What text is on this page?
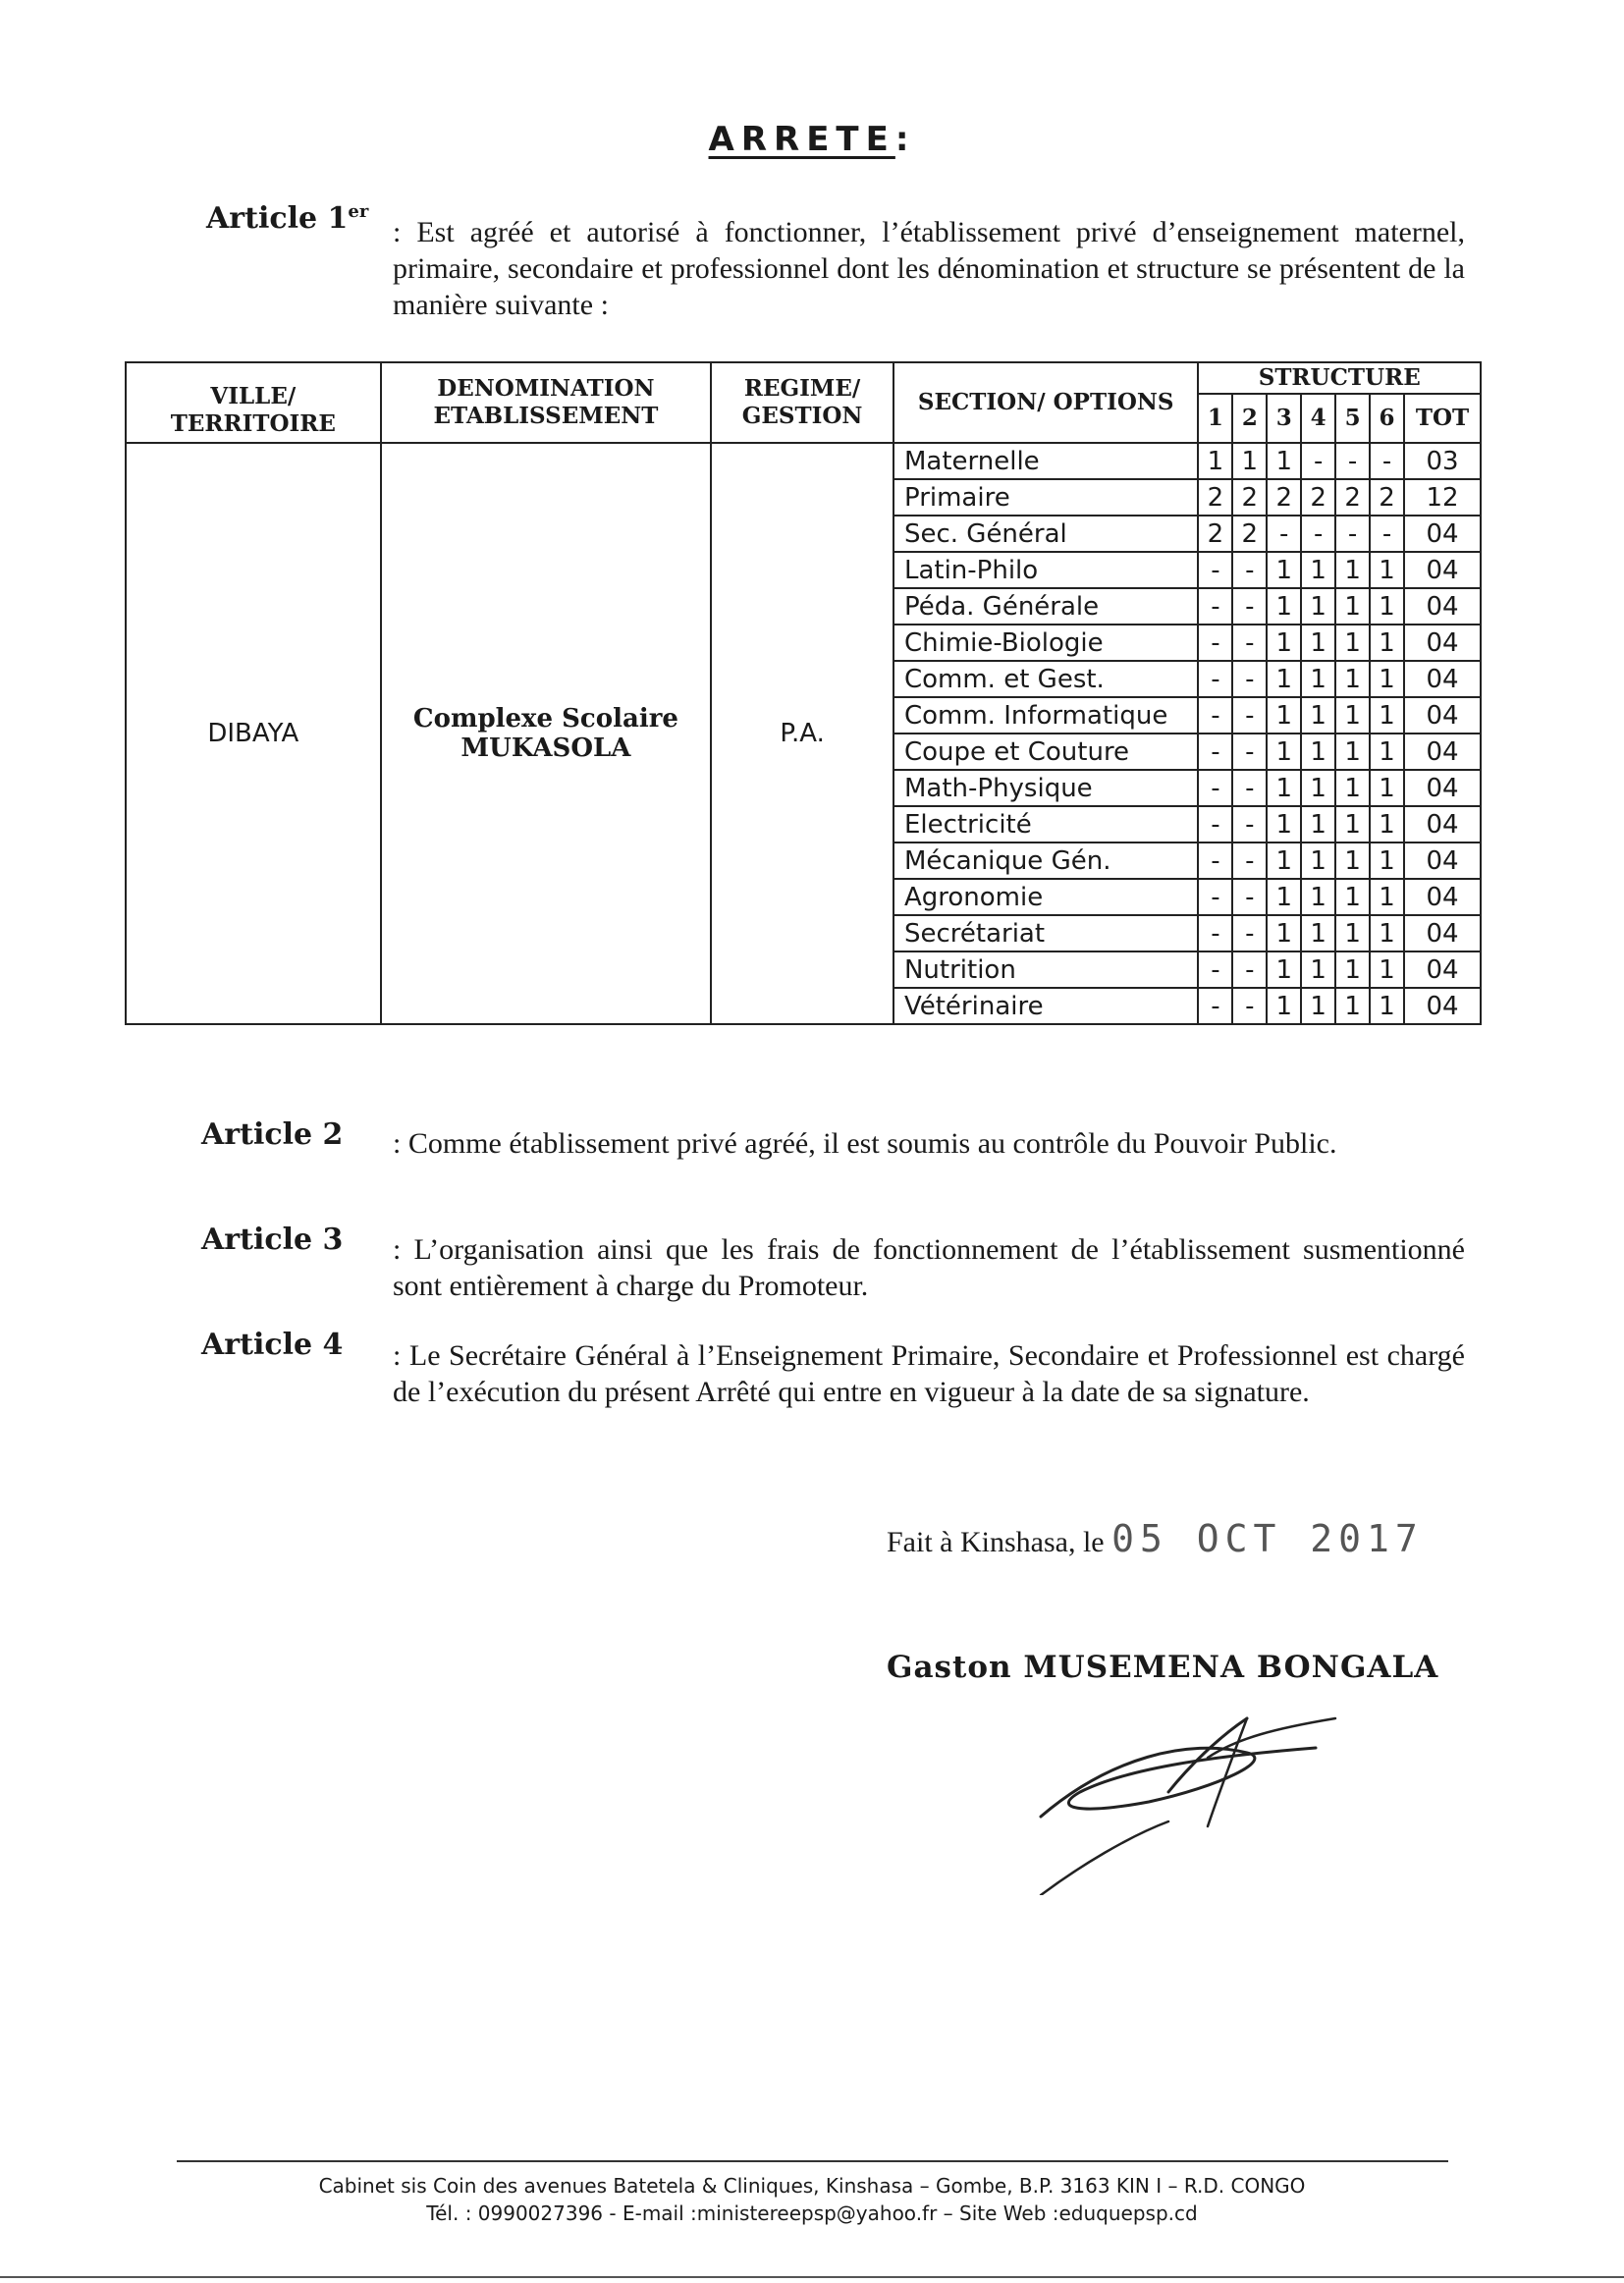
ARRETE:
Article 1er
: Est agréé et autorisé à fonctionner, l’établissement privé d’enseignement maternel, primaire, secondaire et professionnel dont les dénomination et structure se présentent de la manière suivante :
VILLE/ TERRITOIRE	DENOMINATION ETABLISSEMENT	REGIME/ GESTION	SECTION/ OPTIONS	STRUCTURE						
				1	2	3	4	5	6	TOT
DIBAYA	Complexe Scolaire MUKASOLA	P.A.	Maternelle	1	1	1	-	-	-	03
			Primaire	2	2	2	2	2	2	12
			Sec. Général	2	2	-	-	-	-	04
			Latin-Philo	-	-	1	1	1	1	04
			Péda. Générale	-	-	1	1	1	1	04
			Chimie-Biologie	-	-	1	1	1	1	04
			Comm. et Gest.	-	-	1	1	1	1	04
			Comm. Informatique	-	-	1	1	1	1	04
			Coupe et Couture	-	-	1	1	1	1	04
			Math-Physique	-	-	1	1	1	1	04
			Electricité	-	-	1	1	1	1	04
			Mécanique Gén.	-	-	1	1	1	1	04
			Agronomie	-	-	1	1	1	1	04
			Secrétariat	-	-	1	1	1	1	04
			Nutrition	-	-	1	1	1	1	04
			Vétérinaire	-	-	1	1	1	1	04
Article 2 : Comme établissement privé agréé, il est soumis au contrôle du Pouvoir Public.
Article 3 : L’organisation ainsi que les frais de fonctionnement de l’établissement susmentionné sont entièrement à charge du Promoteur.
Article 4 : Le Secrétaire Général à l’Enseignement Primaire, Secondaire et Professionnel est chargé de l’exécution du présent Arrêté qui entre en vigueur à la date de sa signature.
Fait à Kinshasa, le 05 OCT 2017
Gaston MUSEMENA BONGALA
Cabinet sis Coin des avenues Batetela & Cliniques, Kinshasa – Gombe, B.P. 3163 KIN I – R.D. CONGO
Tél. : 0990027396 - E-mail :ministereepsp@yahoo.fr – Site Web :eduquepsp.cd
